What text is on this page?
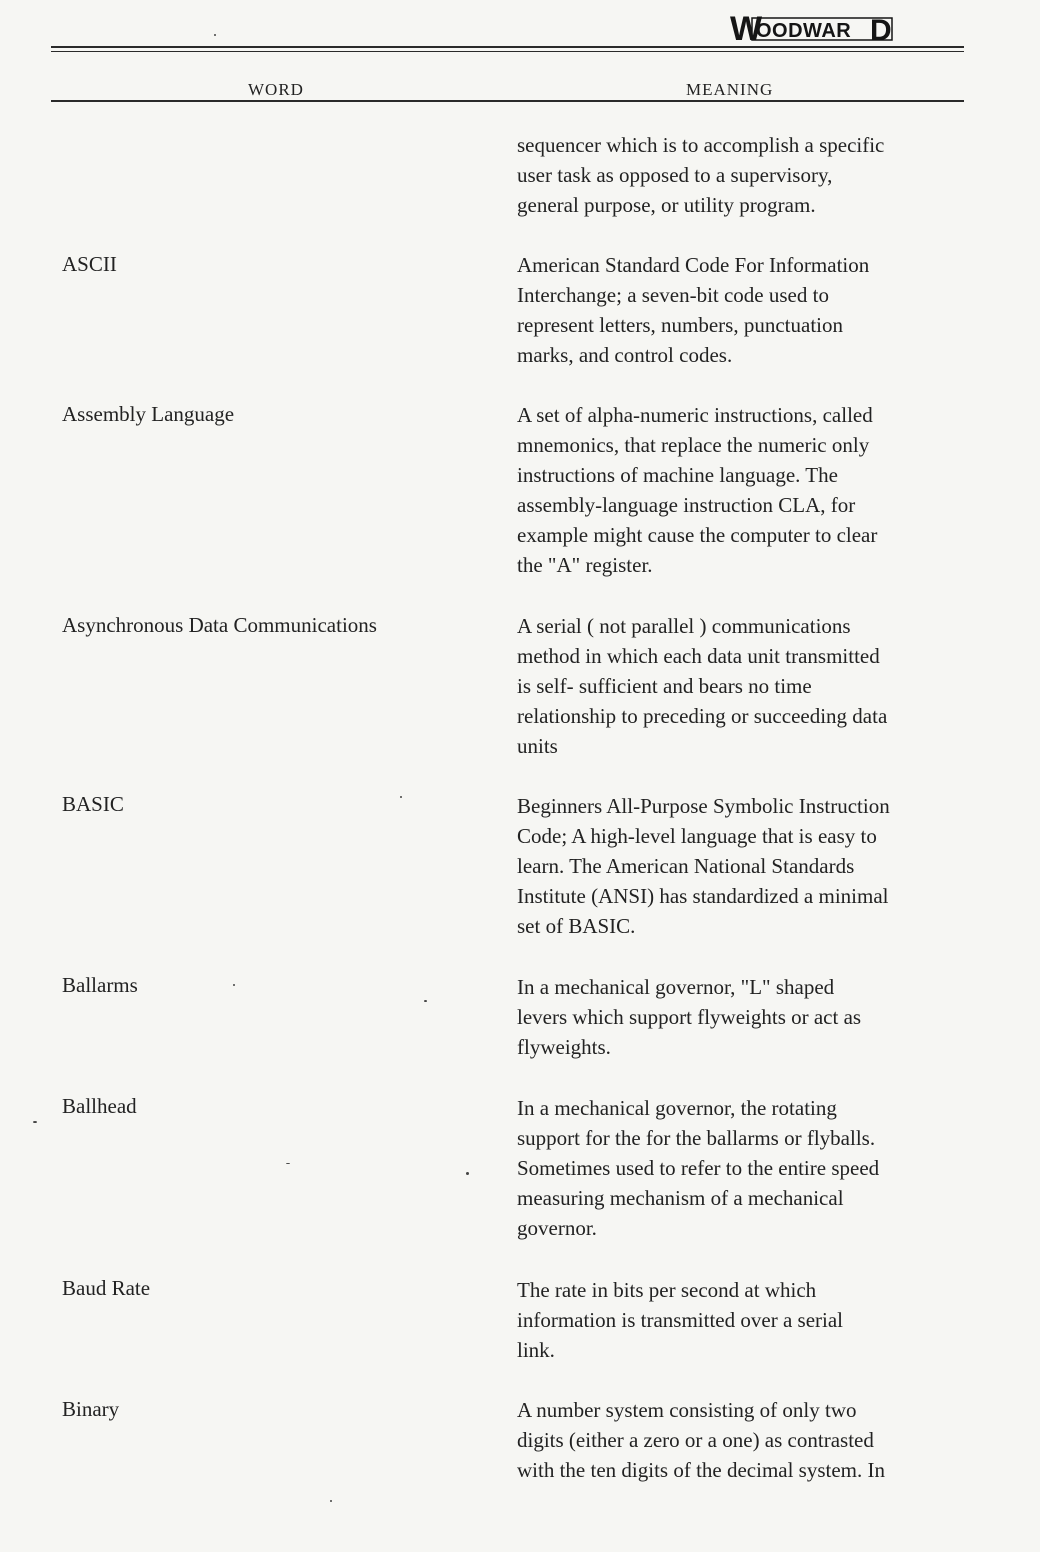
W
OODWAR D
WORD	MEANING
sequencer which is to accomplish a specific
user task as opposed to a supervisory,
general purpose, or utility program.
ASCII	American Standard Code For Information
Interchange; a seven-bit code used to
represent letters, numbers, punctuation
marks, and control codes.
Assembly Language	A set of alpha-numeric instructions, called
mnemonics, that replace the numeric only
instructions of machine language. The
assembly-language instruction CLA, for
example might cause the computer to clear
the "A" register.
Asynchronous Data Communications	A serial ( not parallel ) communications
method in which each data unit transmitted
is self- sufficient and bears no time
relationship to preceding or succeeding data
units
BASIC	Beginners All-Purpose Symbolic Instruction
Code; A high-level language that is easy to
learn. The American National Standards
Institute (ANSI) has standardized a minimal
set of BASIC.
Ballarms	In a mechanical governor, "L" shaped
levers which support flyweights or act as
flyweights.
Ballhead	In a mechanical governor, the rotating
support for the for the ballarms or flyballs.
Sometimes used to refer to the entire speed
measuring mechanism of a mechanical
governor.
Baud Rate	The rate in bits per second at which
information is transmitted over a serial
link.
Binary	A number system consisting of only two
digits (either a zero or a one) as contrasted
with the ten digits of the decimal system. In
